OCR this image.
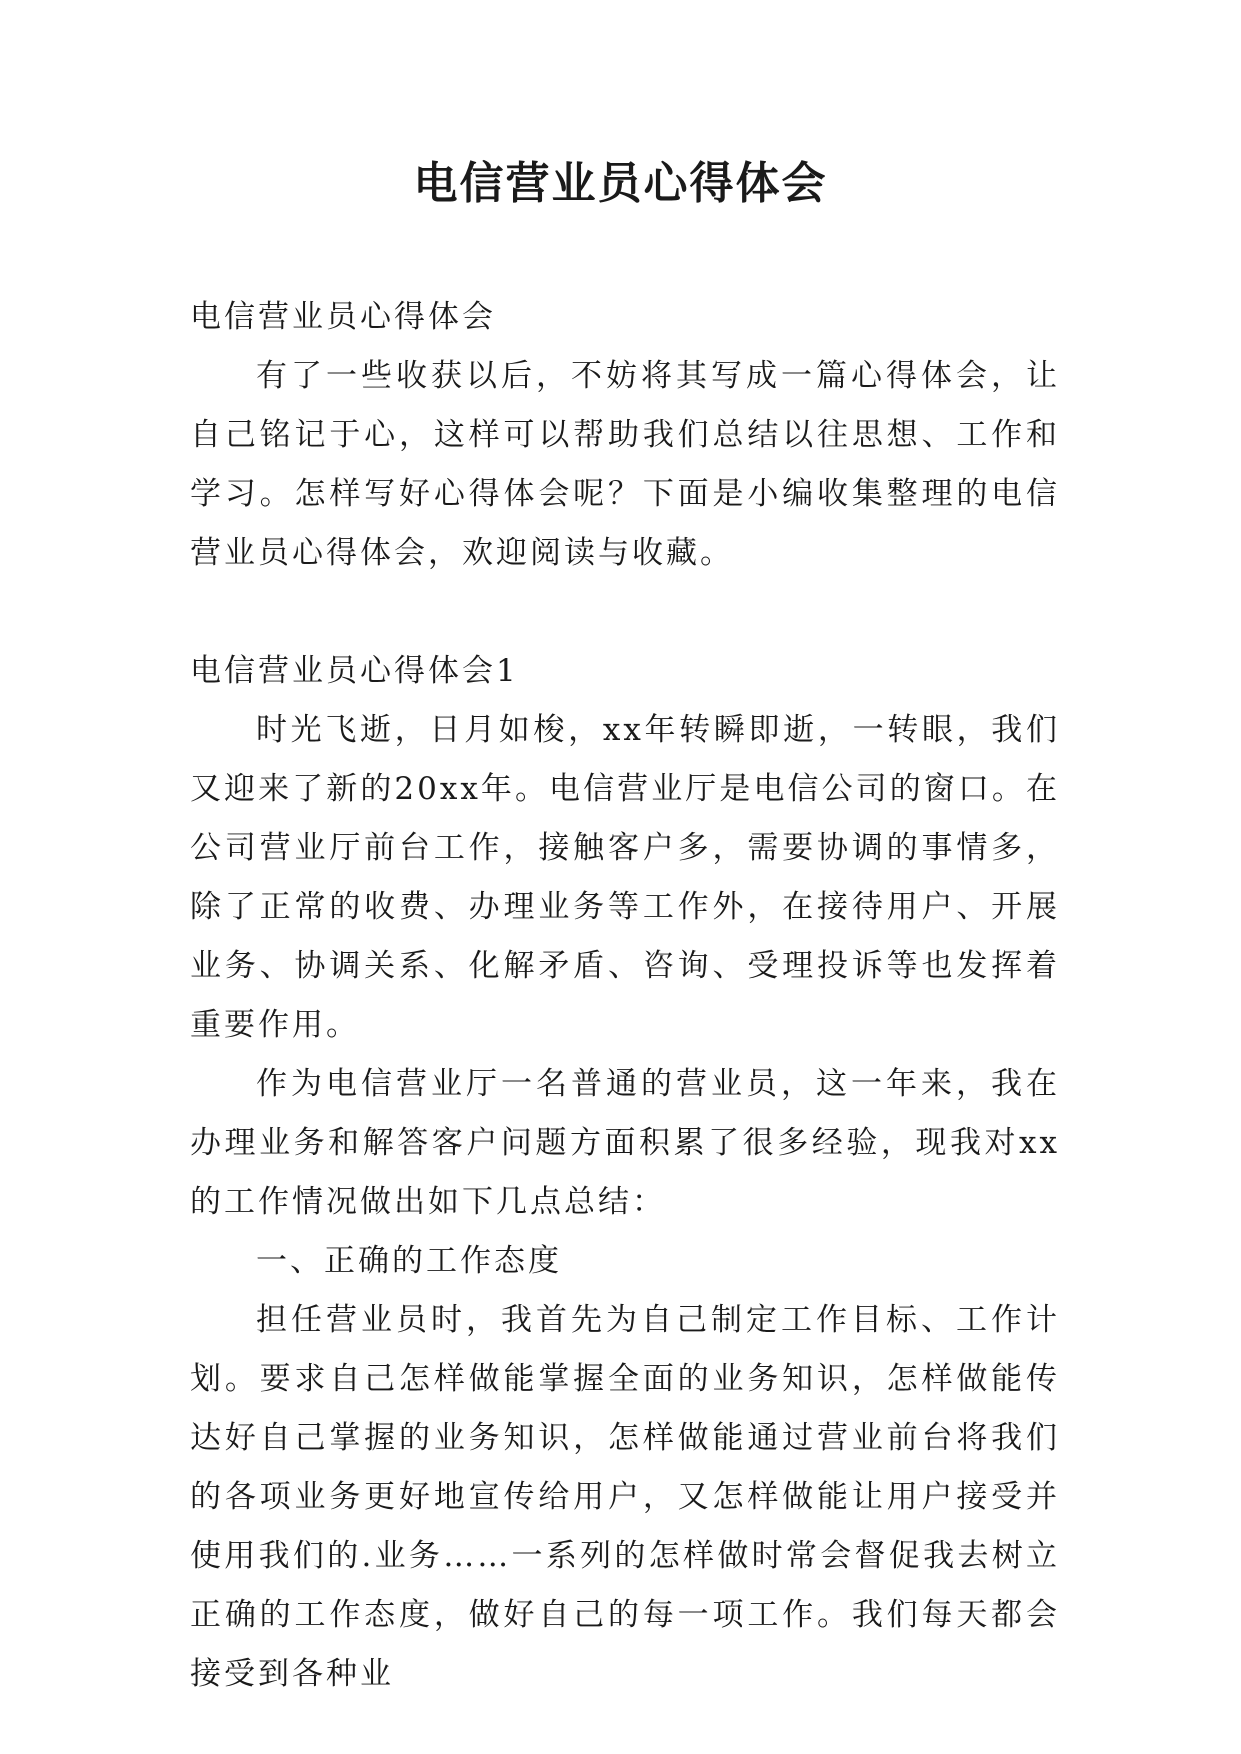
电信营业员心得体会

电信营业员心得体会

有了一些收获以后，不妨将其写成一篇心得体会，让自己铭记于心，这样可以帮助我们总结以往思想、工作和学习。怎样写好心得体会呢？下面是小编收集整理的电信营业员心得体会，欢迎阅读与收藏。

电信营业员心得体会1

时光飞逝，日月如梭，xx年转瞬即逝，一转眼，我们又迎来了新的20xx年。电信营业厅是电信公司的窗口。在公司营业厅前台工作，接触客户多，需要协调的事情多，除了正常的收费、办理业务等工作外，在接待用户、开展业务、协调关系、化解矛盾、咨询、受理投诉等也发挥着重要作用。

作为电信营业厅一名普通的营业员，这一年来，我在办理业务和解答客户问题方面积累了很多经验，现我对xx的工作情况做出如下几点总结：

一、正确的工作态度

担任营业员时，我首先为自己制定工作目标、工作计划。要求自己怎样做能掌握全面的业务知识，怎样做能传达好自己掌握的业务知识，怎样做能通过营业前台将我们的各项业务更好地宣传给用户，又怎样做能让用户接受并使用我们的.业务……一系列的怎样做时常会督促我去树立正确的工作态度，做好自己的每一项工作。我们每天都会接受到各种业
